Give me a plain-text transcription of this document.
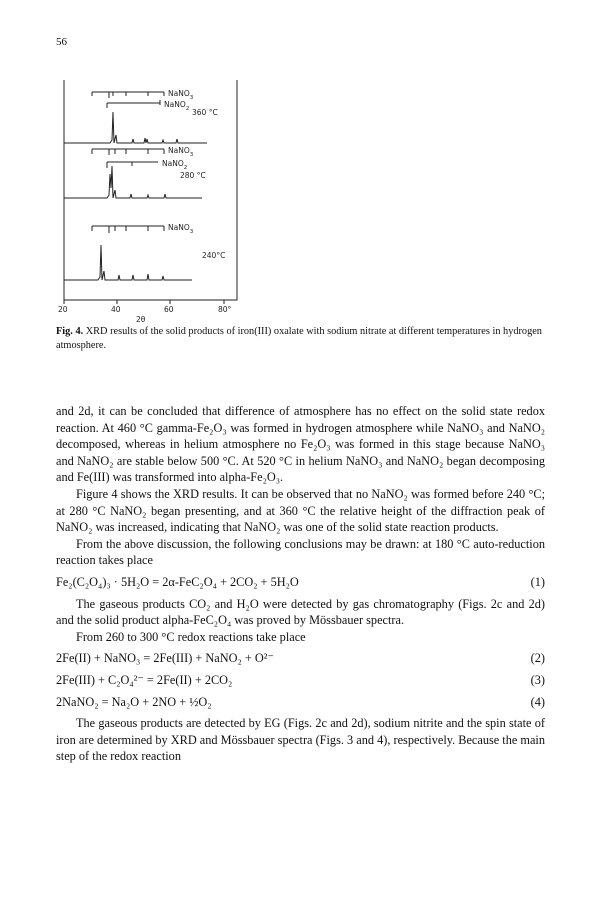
56
NaNO$_3$
NaNO$_2$ 360 °C
NaNO$_3$
NaNO$_2$
280 °C
NaNO$_3$
240°C
20	40	60	80°
2θ
Fig. 4. XRD results of the solid products of iron(III) oxalate with sodium nitrate at different temperatures in hydrogen atmosphere.

and 2d, it can be concluded that difference of atmosphere has no effect on the solid state redox reaction. At 460 °C gamma-Fe₂O₃ was formed in hydrogen atmosphere while NaNO₃ and NaNO₂ decomposed, whereas in helium atmosphere no Fe₂O₃ was formed in this stage because NaNO₃ and NaNO₂ are stable below 500 °C. At 520 °C in helium NaNO₃ and NaNO₂ began decomposing and Fe(III) was transformed into alpha-Fe₂O₃.

Figure 4 shows the XRD results. It can be observed that no NaNO₂ was formed before 240 °C; at 280 °C NaNO₂ began presenting, and at 360 °C the relative height of the diffraction peak of NaNO₂ was increased, indicating that NaNO₂ was one of the solid state reaction products.

From the above discussion, the following conclusions may be drawn: at 180 °C auto-reduction reaction takes place

Fe₂(C₂O₄)₃ · 5H₂O = 2α-FeC₂O₄ + 2CO₂ + 5H₂O	(1)

The gaseous products CO₂ and H₂O were detected by gas chromatography (Figs. 2c and 2d) and the solid product alpha-FeC₂O₄ was proved by Mössbauer spectra.

From 260 to 300 °C redox reactions take place

2Fe(II) + NaNO₃ = 2Fe(III) + NaNO₂ + O²⁻	(2)
2Fe(III) + C₂O₄²⁻ = 2Fe(II) + 2CO₂	(3)
2NaNO₂ = Na₂O + 2NO + ½O₂	(4)

The gaseous products are detected by EG (Figs. 2c and 2d), sodium nitrite and the spin state of iron are determined by XRD and Mössbauer spectra (Figs. 3 and 4), respectively. Because the main step of the redox reaction
